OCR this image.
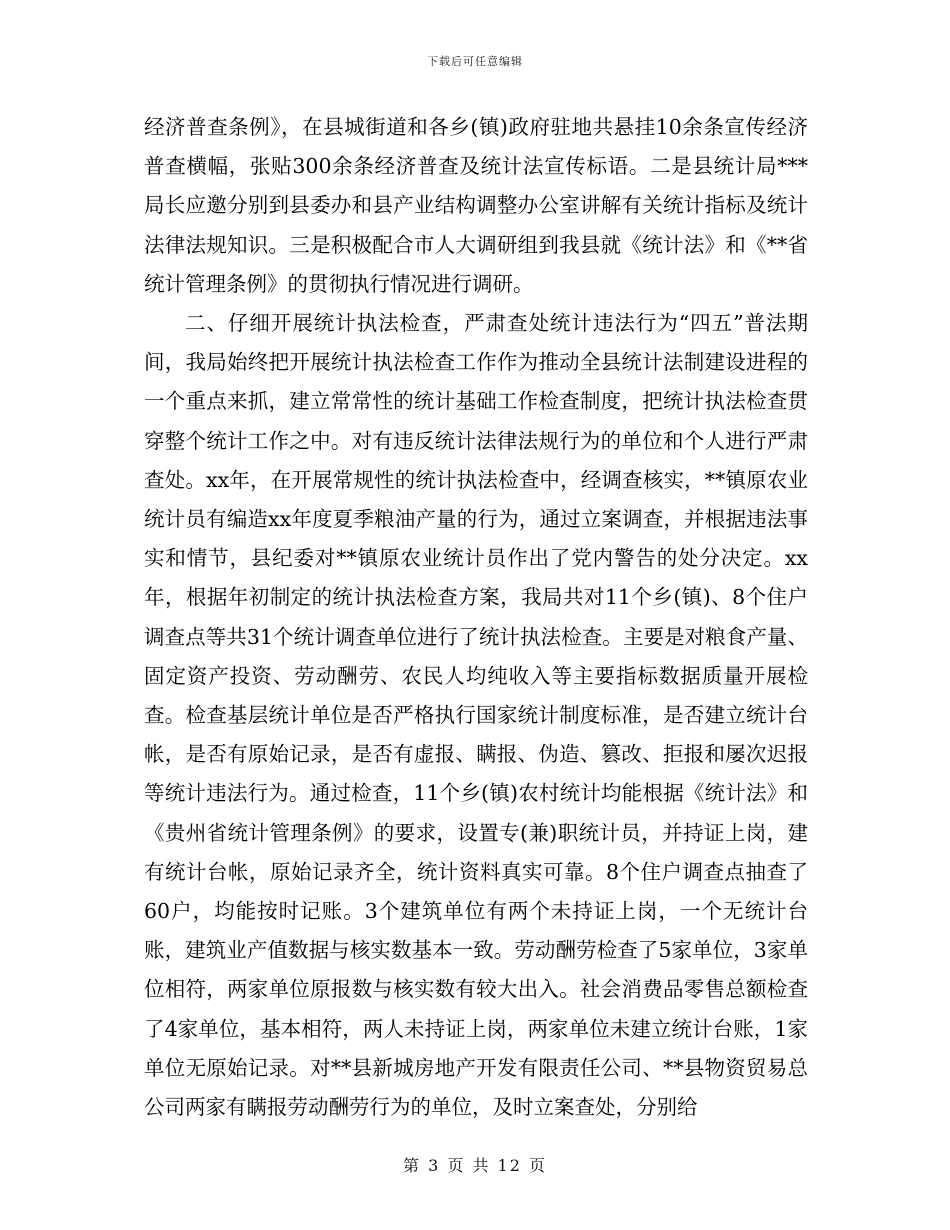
下载后可任意编辑

经济普查条例》，在县城街道和各乡(镇)政府驻地共悬挂10余条宣传经济普查横幅，张贴300余条经济普查及统计法宣传标语。二是县统计局***局长应邀分别到县委办和县产业结构调整办公室讲解有关统计指标及统计法律法规知识。三是积极配合市人大调研组到我县就《统计法》和《**省统计管理条例》的贯彻执行情况进行调研。

二、仔细开展统计执法检查，严肃查处统计违法行为“四五”普法期间，我局始终把开展统计执法检查工作作为推动全县统计法制建设进程的一个重点来抓，建立常常性的统计基础工作检查制度，把统计执法检查贯穿整个统计工作之中。对有违反统计法律法规行为的单位和个人进行严肃查处。xx年，在开展常规性的统计执法检查中，经调查核实，**镇原农业统计员有编造xx年度夏季粮油产量的行为，通过立案调查，并根据违法事实和情节，县纪委对**镇原农业统计员作出了党内警告的处分决定。xx年，根据年初制定的统计执法检查方案，我局共对11个乡(镇)、8个住户调查点等共31个统计调查单位进行了统计执法检查。主要是对粮食产量、固定资产投资、劳动酬劳、农民人均纯收入等主要指标数据质量开展检查。检查基层统计单位是否严格执行国家统计制度标准，是否建立统计台帐，是否有原始记录，是否有虚报、瞒报、伪造、篡改、拒报和屡次迟报等统计违法行为。通过检查，11个乡(镇)农村统计均能根据《统计法》和《贵州省统计管理条例》的要求，设置专(兼)职统计员，并持证上岗，建有统计台帐，原始记录齐全，统计资料真实可靠。8个住户调查点抽查了60户，均能按时记账。3个建筑单位有两个未持证上岗，一个无统计台账，建筑业产值数据与核实数基本一致。劳动酬劳检查了5家单位，3家单位相符，两家单位原报数与核实数有较大出入。社会消费品零售总额检查了4家单位，基本相符，两人未持证上岗，两家单位未建立统计台账，1家单位无原始记录。对**县新城房地产开发有限责任公司、**县物资贸易总公司两家有瞒报劳动酬劳行为的单位，及时立案查处，分别给

第 3 页 共 12 页
